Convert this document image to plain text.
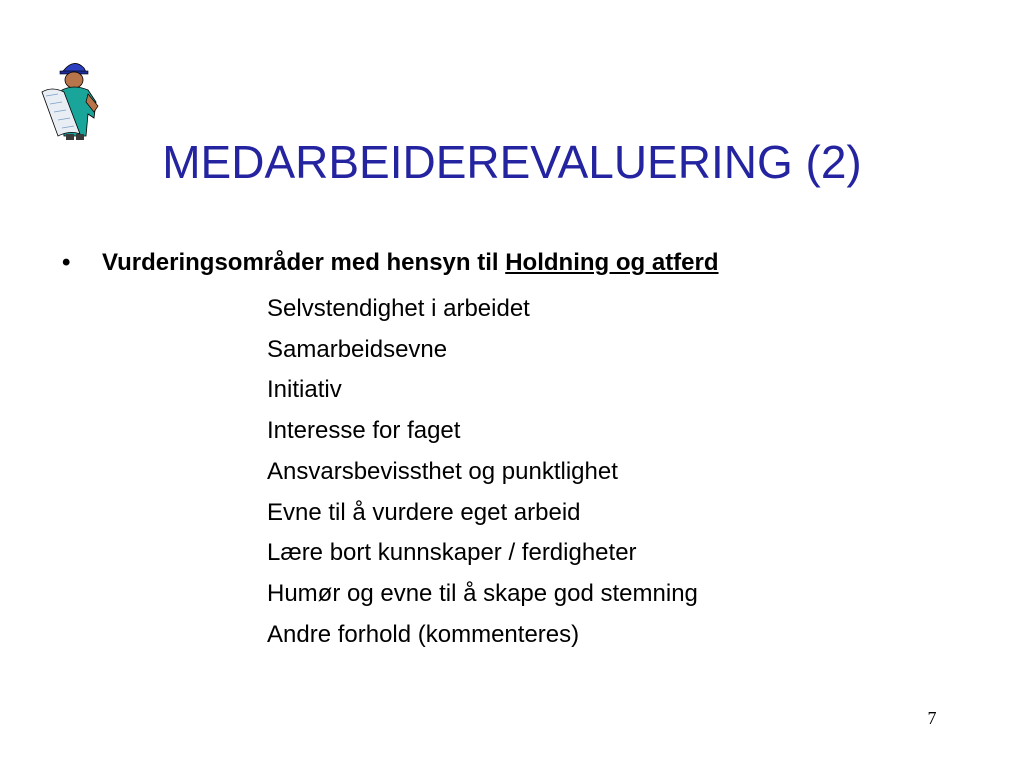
MEDARBEIDEREVALUERING (2)
• Vurderingsområder med hensyn til Holdning og atferd
Selvstendighet i arbeidet
Samarbeidsevne
Initiativ
Interesse for faget
Ansvarsbevissthet og punktlighet
Evne til å vurdere eget arbeid
Lære bort kunnskaper / ferdigheter
Humør og evne til å skape god stemning
Andre forhold (kommenteres)
7
